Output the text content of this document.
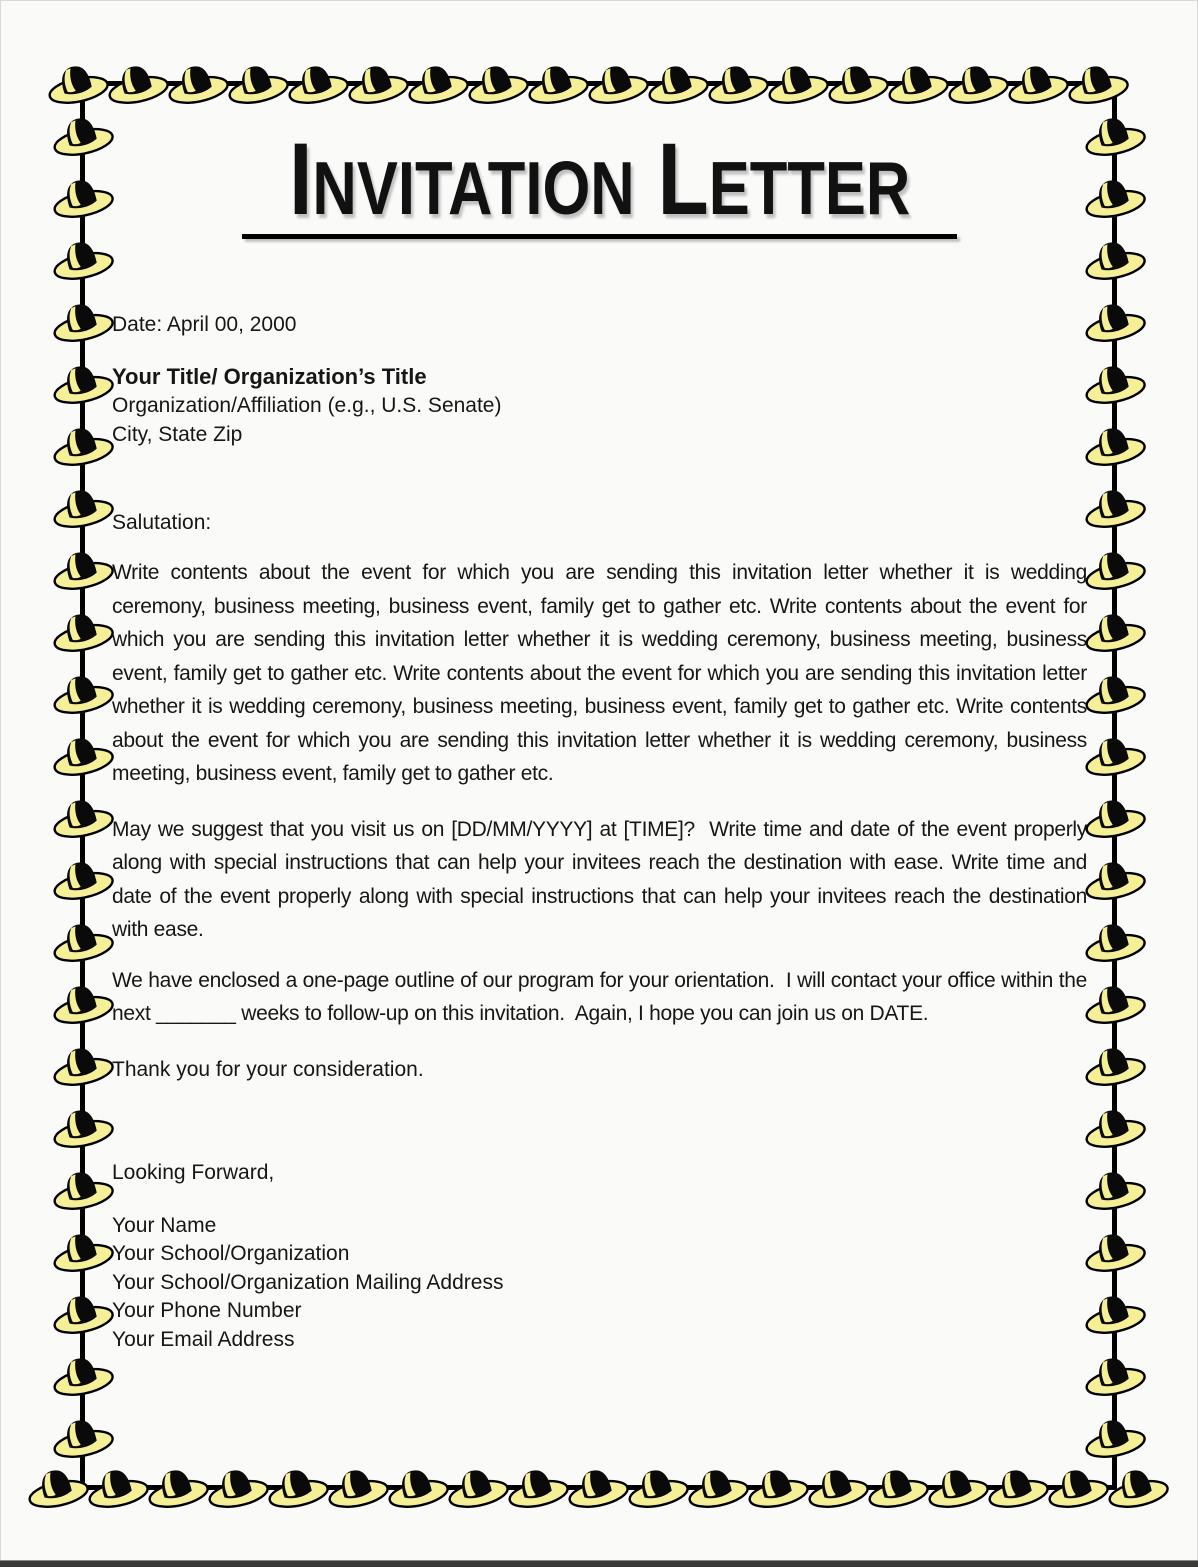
INVITATION LETTER
Date: April 00, 2000
Your Title/ Organization’s Title
Organization/Affiliation (e.g., U.S. Senate)
City, State Zip
Salutation:

Write contents about the event for which you are sending this invitation letter whether it is wedding ceremony, business meeting, business event, family get to gather etc. Write contents about the event for which you are sending this invitation letter whether it is wedding ceremony, business meeting, business event, family get to gather etc. Write contents about the event for which you are sending this invitation letter whether it is wedding ceremony, business meeting, business event, family get to gather etc. Write contents about the event for which you are sending this invitation letter whether it is wedding ceremony, business meeting, business event, family get to gather etc.

May we suggest that you visit us on [DD/MM/YYYY] at [TIME]?  Write time and date of the event properly along with special instructions that can help your invitees reach the destination with ease. Write time and date of the event properly along with special instructions that can help your invitees reach the destination with ease.

We have enclosed a one-page outline of our program for your orientation.  I will contact your office within the next _______ weeks to follow-up on this invitation.  Again, I hope you can join us on DATE.

Thank you for your consideration.
Looking Forward,
Your Name
Your School/Organization
Your School/Organization Mailing Address
Your Phone Number
Your Email Address
